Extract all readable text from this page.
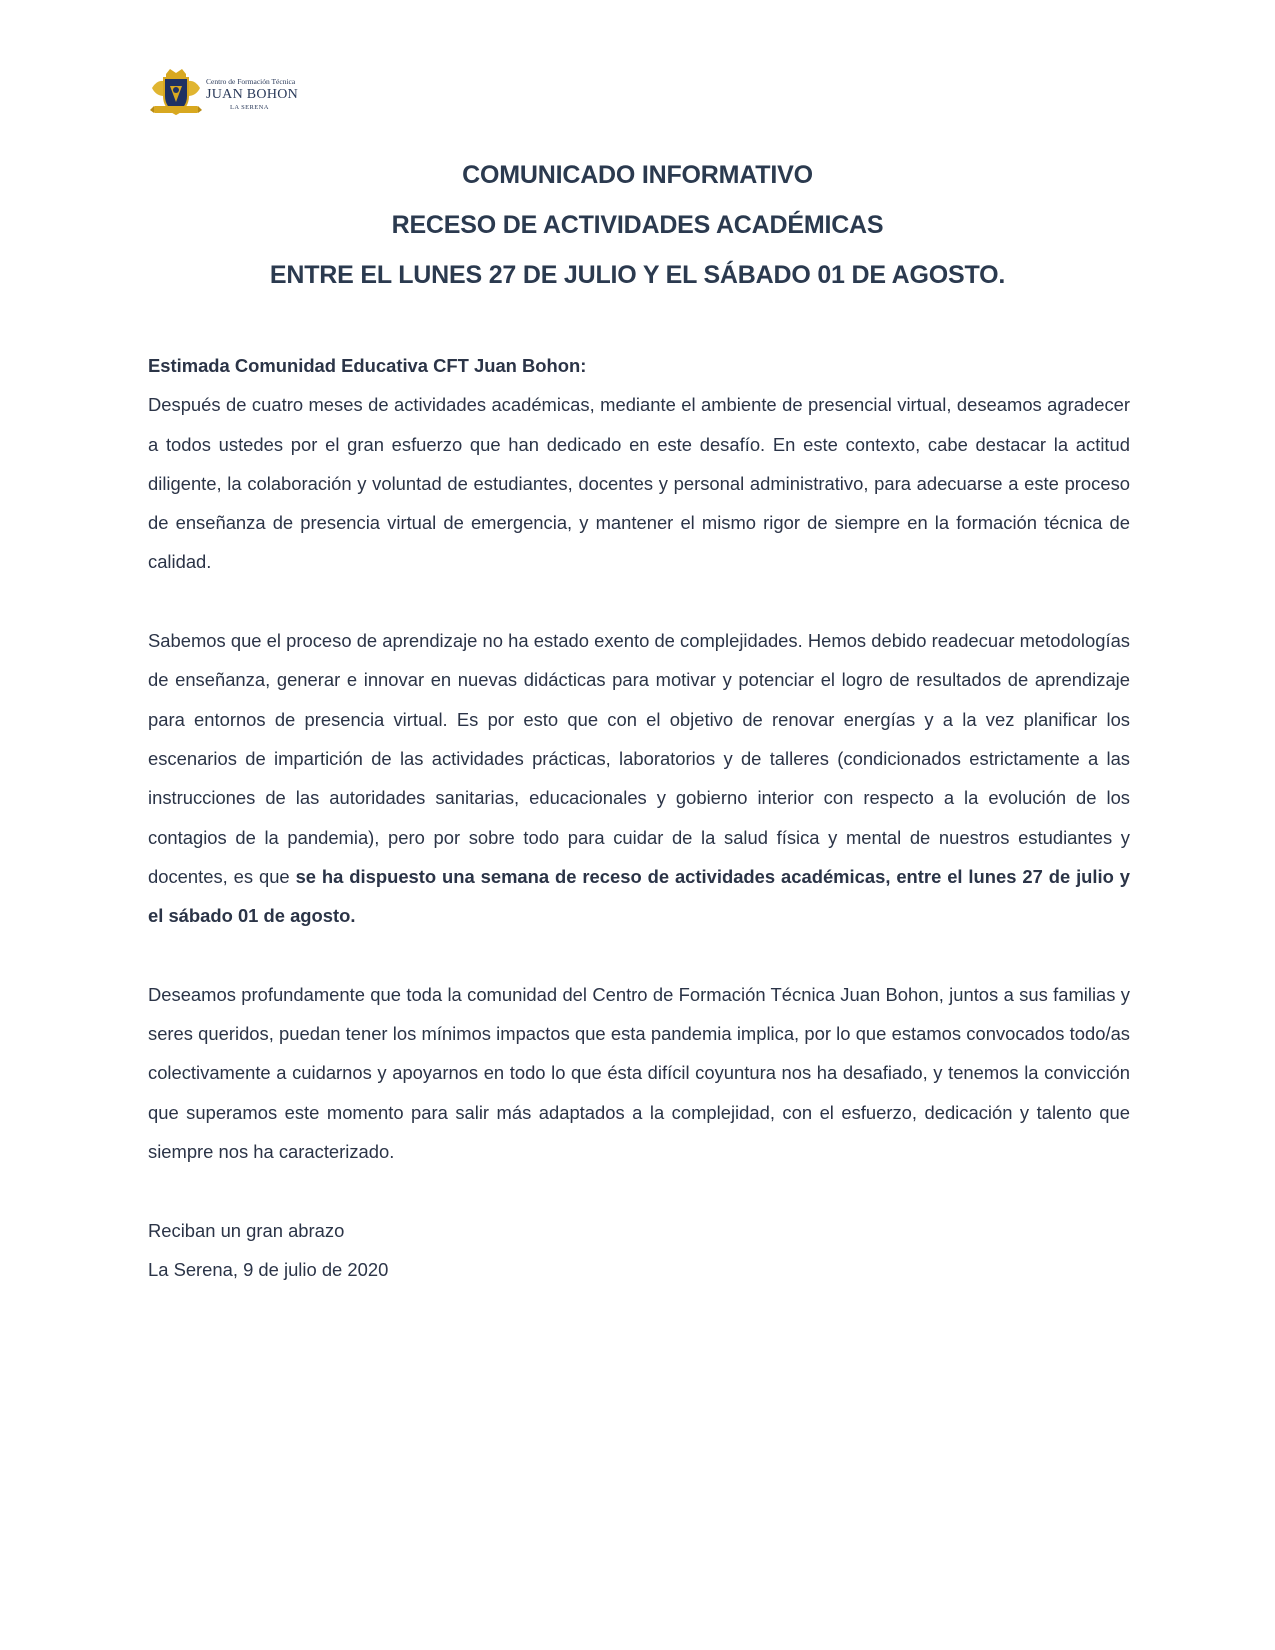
Centro de Formación Técnica
JUAN BOHON
LA SERENA
COMUNICADO INFORMATIVO
RECESO DE ACTIVIDADES ACADÉMICAS
ENTRE EL LUNES 27 DE JULIO Y EL SÁBADO 01 DE AGOSTO.
Estimada Comunidad Educativa CFT Juan Bohon:

Después de cuatro meses de actividades académicas, mediante el ambiente de presencial virtual, deseamos agradecer a todos ustedes por el gran esfuerzo que han dedicado en este desafío. En este contexto, cabe destacar la actitud diligente, la colaboración y voluntad de estudiantes, docentes y personal administrativo, para adecuarse a este proceso de enseñanza de presencia virtual de emergencia, y mantener el mismo rigor de siempre en la formación técnica de calidad.

Sabemos que el proceso de aprendizaje no ha estado exento de complejidades. Hemos debido readecuar metodologías de enseñanza, generar e innovar en nuevas didácticas para motivar y potenciar el logro de resultados de aprendizaje para entornos de presencia virtual. Es por esto que con el objetivo de renovar energías y a la vez planificar los escenarios de impartición de las actividades prácticas, laboratorios y de talleres (condicionados estrictamente a las instrucciones de las autoridades sanitarias, educacionales y gobierno interior con respecto a la evolución de los contagios de la pandemia), pero por sobre todo para cuidar de la salud física y mental de nuestros estudiantes y docentes, es que se ha dispuesto una semana de receso de actividades académicas, entre el lunes 27 de julio y el sábado 01 de agosto.

Deseamos profundamente que toda la comunidad del Centro de Formación Técnica Juan Bohon, juntos a sus familias y seres queridos, puedan tener los mínimos impactos que esta pandemia implica, por lo que estamos convocados todo/as colectivamente a cuidarnos y apoyarnos en todo lo que ésta difícil coyuntura nos ha desafiado, y tenemos la convicción que superamos este momento para salir más adaptados a la complejidad, con el esfuerzo, dedicación y talento que siempre nos ha caracterizado.

Reciban un gran abrazo

La Serena, 9 de julio de 2020
